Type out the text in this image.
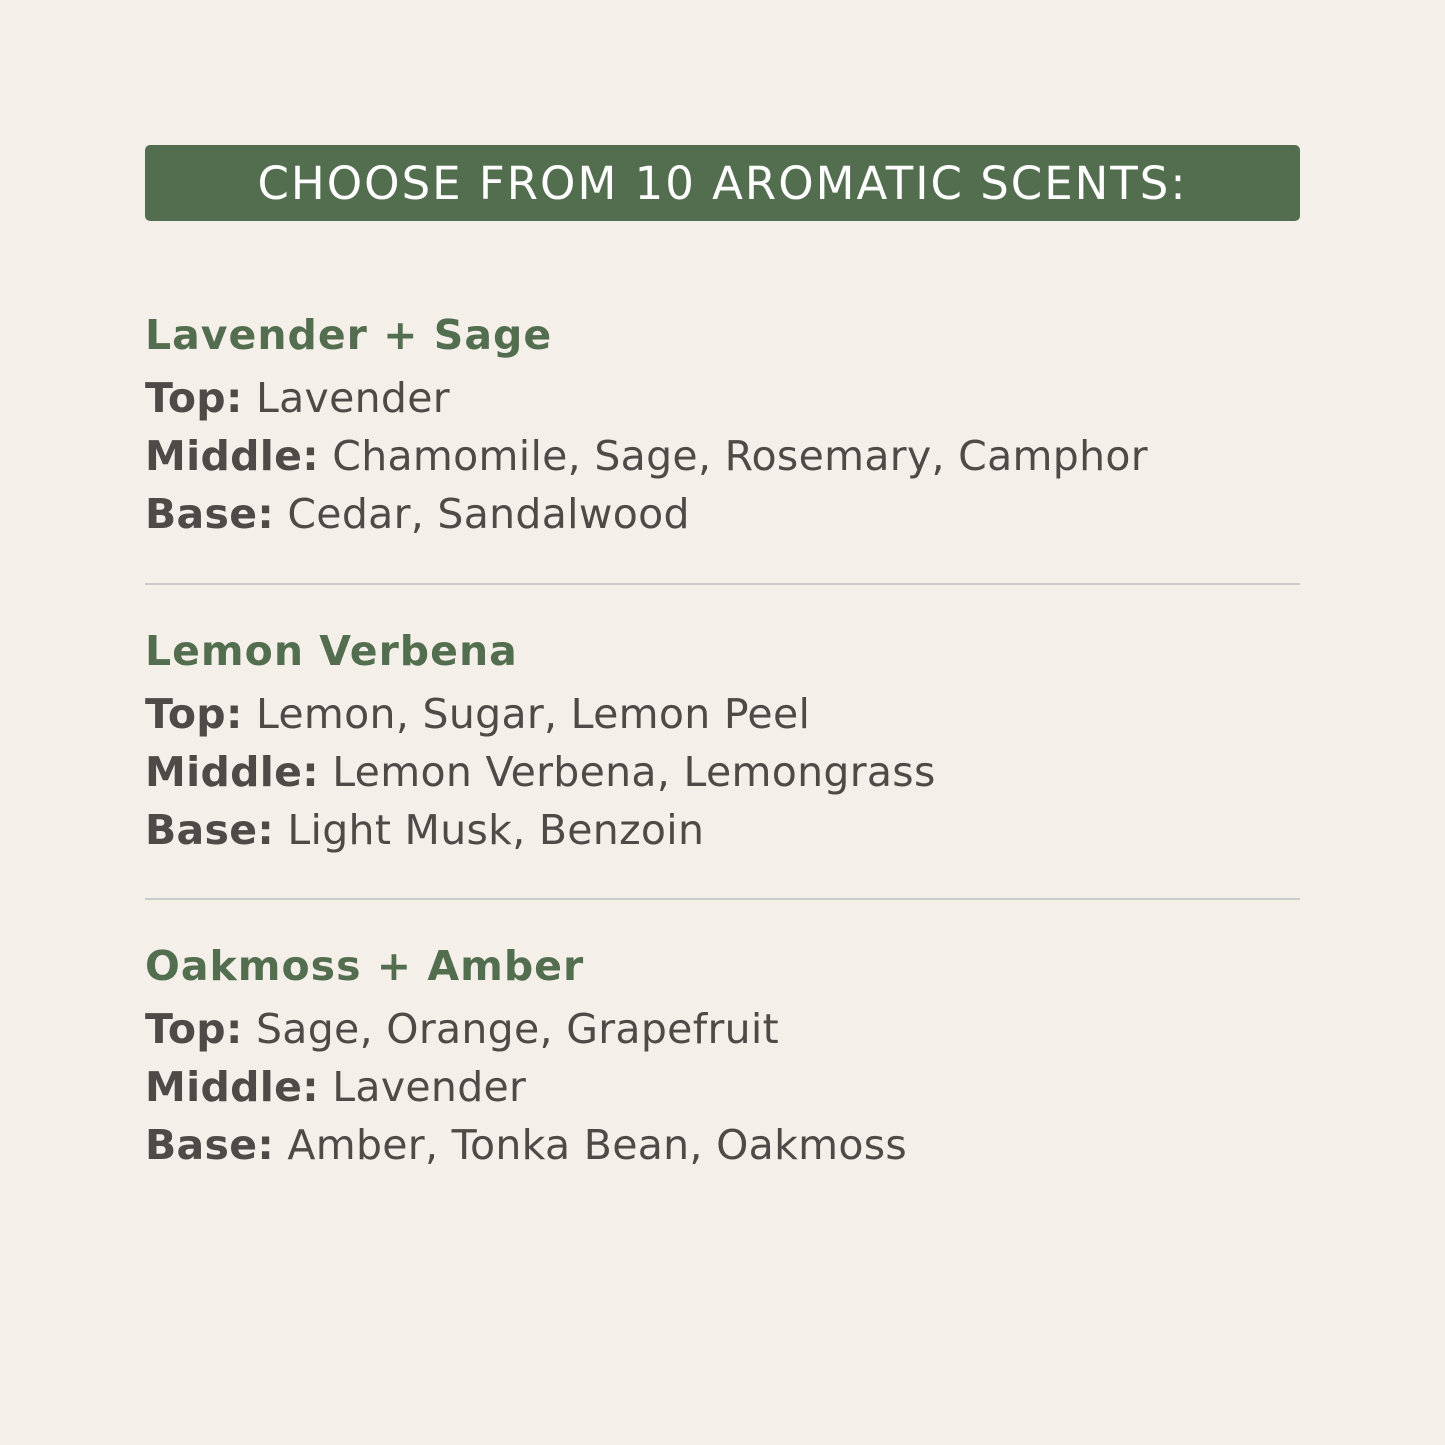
CHOOSE FROM 10 AROMATIC SCENTS:
Lavender + Sage
Top: Lavender
Middle: Chamomile, Sage, Rosemary, Camphor
Base: Cedar, Sandalwood
Lemon Verbena
Top: Lemon, Sugar, Lemon Peel
Middle: Lemon Verbena, Lemongrass
Base: Light Musk, Benzoin
Oakmoss + Amber
Top: Sage, Orange, Grapefruit
Middle: Lavender
Base: Amber, Tonka Bean, Oakmoss
